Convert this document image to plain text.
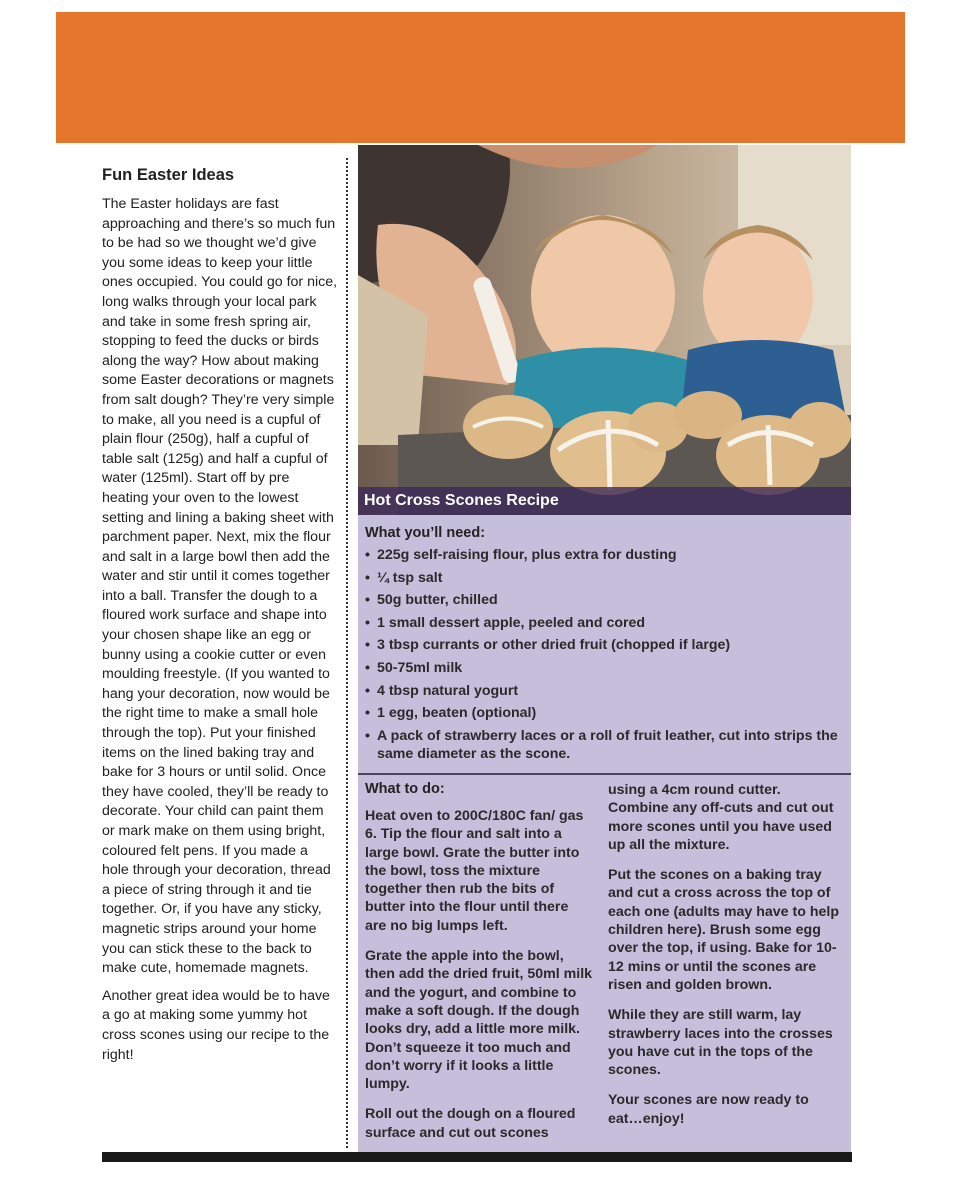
Fun Easter Ideas

The Easter holidays are fast approaching and there’s so much fun to be had so we thought we’d give you some ideas to keep your little ones occupied. You could go for nice, long walks through your local park and take in some fresh spring air, stopping to feed the ducks or birds along the way? How about making some Easter decorations or magnets from salt dough? They’re very simple to make, all you need is a cupful of plain flour (250g), half a cupful of table salt (125g) and half a cupful of water (125ml). Start off by pre heating your oven to the lowest setting and lining a baking sheet with parchment paper. Next, mix the flour and salt in a large bowl then add the water and stir until it comes together into a ball. Transfer the dough to a floured work surface and shape into your chosen shape like an egg or bunny using a cookie cutter or even moulding freestyle. (If you wanted to hang your decoration, now would be the right time to make a small hole through the top). Put your finished items on the lined baking tray and bake for 3 hours or until solid. Once they have cooled, they’ll be ready to decorate. Your child can paint them or mark make on them using bright, coloured felt pens. If you made a hole through your decoration, thread a piece of string through it and tie together. Or, if you have any sticky, magnetic strips around your home you can stick these to the back to make cute, homemade magnets.

Another great idea would be to have a go at making some yummy hot cross scones using our recipe to the right!

Hot Cross Scones Recipe
What you’ll need:
• 225g self-raising flour, plus extra for dusting
• ¼ tsp salt
• 50g butter, chilled
• 1 small dessert apple, peeled and cored
• 3 tbsp currants or other dried fruit (chopped if large)
• 50-75ml milk
• 4 tbsp natural yogurt
• 1 egg, beaten (optional)
• A pack of strawberry laces or a roll of fruit leather, cut into strips the same diameter as the scone.
What to do:

Heat oven to 200C/180C fan/ gas 6. Tip the flour and salt into a large bowl. Grate the butter into the bowl, toss the mixture together then rub the bits of butter into the flour until there are no big lumps left.

Grate the apple into the bowl, then add the dried fruit, 50ml milk and the yogurt, and combine to make a soft dough. If the dough looks dry, add a little more milk. Don’t squeeze it too much and don’t worry if it looks a little lumpy.

Roll out the dough on a floured surface and cut out scones

using a 4cm round cutter. Combine any off-cuts and cut out more scones until you have used up all the mixture.

Put the scones on a baking tray and cut a cross across the top of each one (adults may have to help children here). Brush some egg over the top, if using. Bake for 10-12 mins or until the scones are risen and golden brown.

While they are still warm, lay strawberry laces into the crosses you have cut in the tops of the scones.

Your scones are now ready to eat…enjoy!
